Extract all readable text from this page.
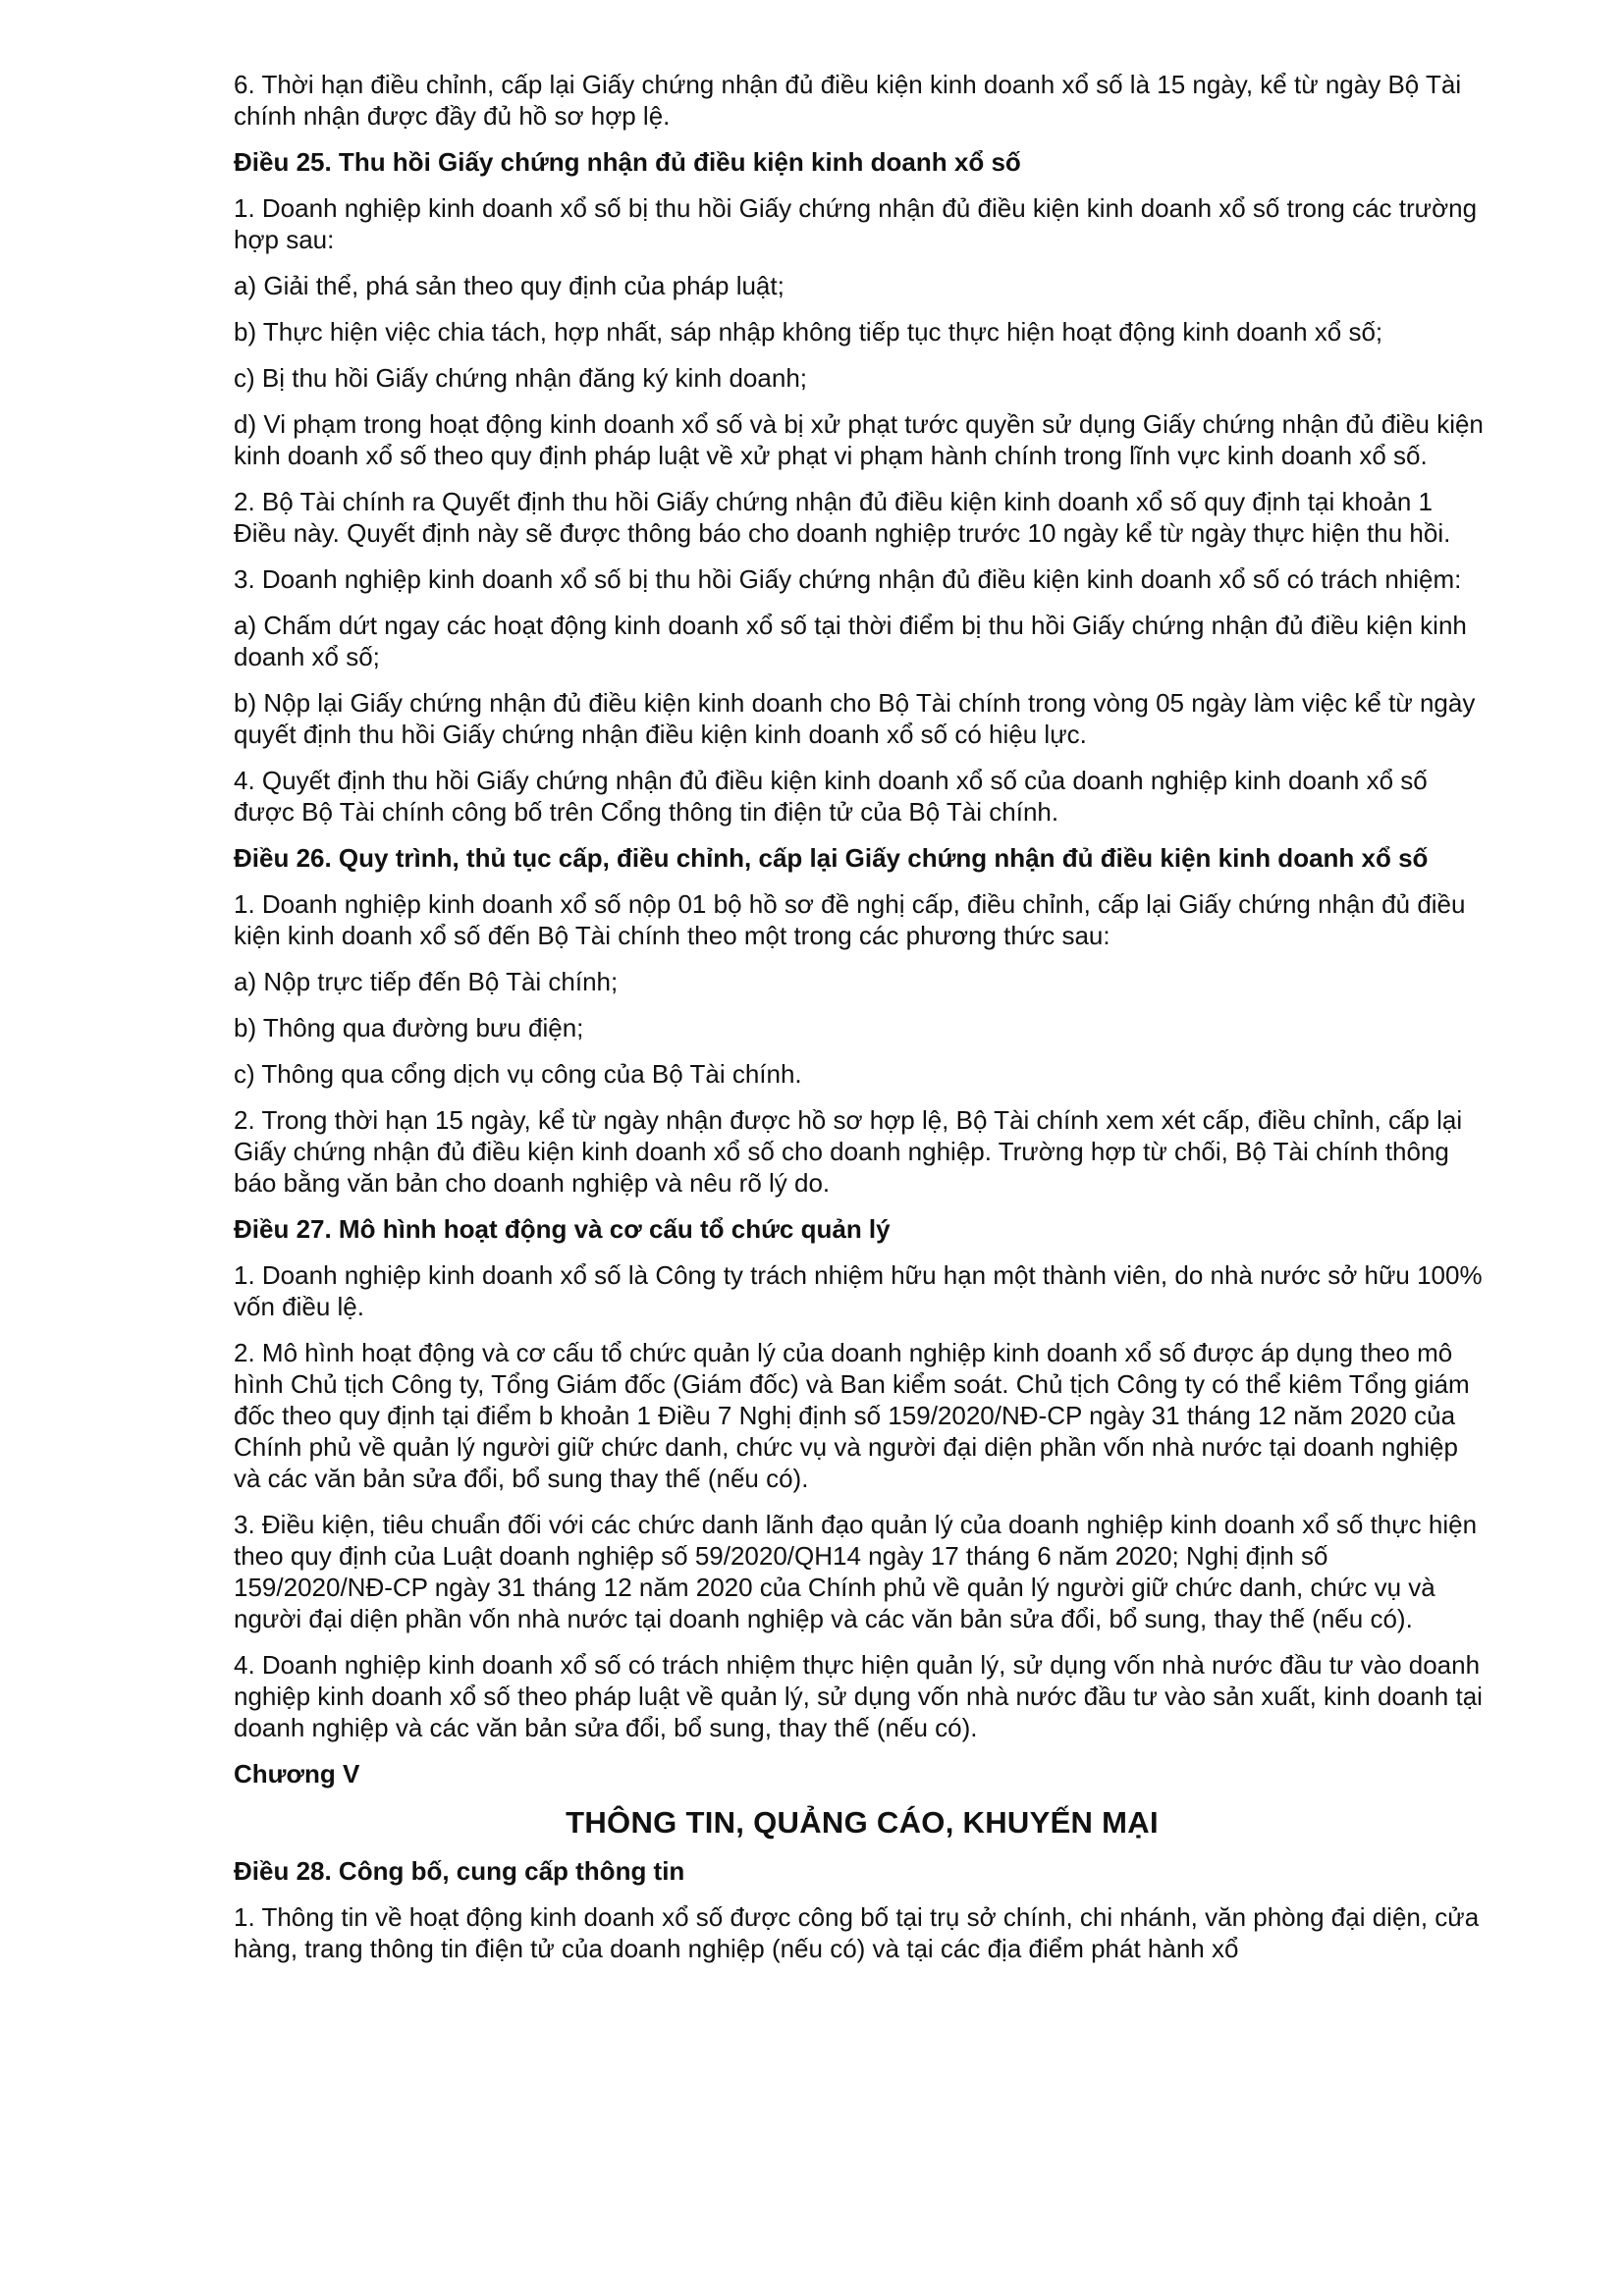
6. Thời hạn điều chỉnh, cấp lại Giấy chứng nhận đủ điều kiện kinh doanh xổ số là 15 ngày, kể từ ngày Bộ Tài chính nhận được đầy đủ hồ sơ hợp lệ.
Điều 25. Thu hồi Giấy chứng nhận đủ điều kiện kinh doanh xổ số
1. Doanh nghiệp kinh doanh xổ số bị thu hồi Giấy chứng nhận đủ điều kiện kinh doanh xổ số trong các trường hợp sau:
a) Giải thể, phá sản theo quy định của pháp luật;
b) Thực hiện việc chia tách, hợp nhất, sáp nhập không tiếp tục thực hiện hoạt động kinh doanh xổ số;
c) Bị thu hồi Giấy chứng nhận đăng ký kinh doanh;
d) Vi phạm trong hoạt động kinh doanh xổ số và bị xử phạt tước quyền sử dụng Giấy chứng nhận đủ điều kiện kinh doanh xổ số theo quy định pháp luật về xử phạt vi phạm hành chính trong lĩnh vực kinh doanh xổ số.
2. Bộ Tài chính ra Quyết định thu hồi Giấy chứng nhận đủ điều kiện kinh doanh xổ số quy định tại khoản 1 Điều này. Quyết định này sẽ được thông báo cho doanh nghiệp trước 10 ngày kể từ ngày thực hiện thu hồi.
3. Doanh nghiệp kinh doanh xổ số bị thu hồi Giấy chứng nhận đủ điều kiện kinh doanh xổ số có trách nhiệm:
a) Chấm dứt ngay các hoạt động kinh doanh xổ số tại thời điểm bị thu hồi Giấy chứng nhận đủ điều kiện kinh doanh xổ số;
b) Nộp lại Giấy chứng nhận đủ điều kiện kinh doanh cho Bộ Tài chính trong vòng 05 ngày làm việc kể từ ngày quyết định thu hồi Giấy chứng nhận điều kiện kinh doanh xổ số có hiệu lực.
4. Quyết định thu hồi Giấy chứng nhận đủ điều kiện kinh doanh xổ số của doanh nghiệp kinh doanh xổ số được Bộ Tài chính công bố trên Cổng thông tin điện tử của Bộ Tài chính.
Điều 26. Quy trình, thủ tục cấp, điều chỉnh, cấp lại Giấy chứng nhận đủ điều kiện kinh doanh xổ số
1. Doanh nghiệp kinh doanh xổ số nộp 01 bộ hồ sơ đề nghị cấp, điều chỉnh, cấp lại Giấy chứng nhận đủ điều kiện kinh doanh xổ số đến Bộ Tài chính theo một trong các phương thức sau:
a) Nộp trực tiếp đến Bộ Tài chính;
b) Thông qua đường bưu điện;
c) Thông qua cổng dịch vụ công của Bộ Tài chính.
2. Trong thời hạn 15 ngày, kể từ ngày nhận được hồ sơ hợp lệ, Bộ Tài chính xem xét cấp, điều chỉnh, cấp lại Giấy chứng nhận đủ điều kiện kinh doanh xổ số cho doanh nghiệp. Trường hợp từ chối, Bộ Tài chính thông báo bằng văn bản cho doanh nghiệp và nêu rõ lý do.
Điều 27. Mô hình hoạt động và cơ cấu tổ chức quản lý
1. Doanh nghiệp kinh doanh xổ số là Công ty trách nhiệm hữu hạn một thành viên, do nhà nước sở hữu 100% vốn điều lệ.
2. Mô hình hoạt động và cơ cấu tổ chức quản lý của doanh nghiệp kinh doanh xổ số được áp dụng theo mô hình Chủ tịch Công ty, Tổng Giám đốc (Giám đốc) và Ban kiểm soát. Chủ tịch Công ty có thể kiêm Tổng giám đốc theo quy định tại điểm b khoản 1 Điều 7 Nghị định số 159/2020/NĐ-CP ngày 31 tháng 12 năm 2020 của Chính phủ về quản lý người giữ chức danh, chức vụ và người đại diện phần vốn nhà nước tại doanh nghiệp và các văn bản sửa đổi, bổ sung thay thế (nếu có).
3. Điều kiện, tiêu chuẩn đối với các chức danh lãnh đạo quản lý của doanh nghiệp kinh doanh xổ số thực hiện theo quy định của Luật doanh nghiệp số 59/2020/QH14 ngày 17 tháng 6 năm 2020; Nghị định số 159/2020/NĐ-CP ngày 31 tháng 12 năm 2020 của Chính phủ về quản lý người giữ chức danh, chức vụ và người đại diện phần vốn nhà nước tại doanh nghiệp và các văn bản sửa đổi, bổ sung, thay thế (nếu có).
4. Doanh nghiệp kinh doanh xổ số có trách nhiệm thực hiện quản lý, sử dụng vốn nhà nước đầu tư vào doanh nghiệp kinh doanh xổ số theo pháp luật về quản lý, sử dụng vốn nhà nước đầu tư vào sản xuất, kinh doanh tại doanh nghiệp và các văn bản sửa đổi, bổ sung, thay thế (nếu có).
Chương V
THÔNG TIN, QUẢNG CÁO, KHUYẾN MẠI
Điều 28. Công bố, cung cấp thông tin
1. Thông tin về hoạt động kinh doanh xổ số được công bố tại trụ sở chính, chi nhánh, văn phòng đại diện, cửa hàng, trang thông tin điện tử của doanh nghiệp (nếu có) và tại các địa điểm phát hành xổ
